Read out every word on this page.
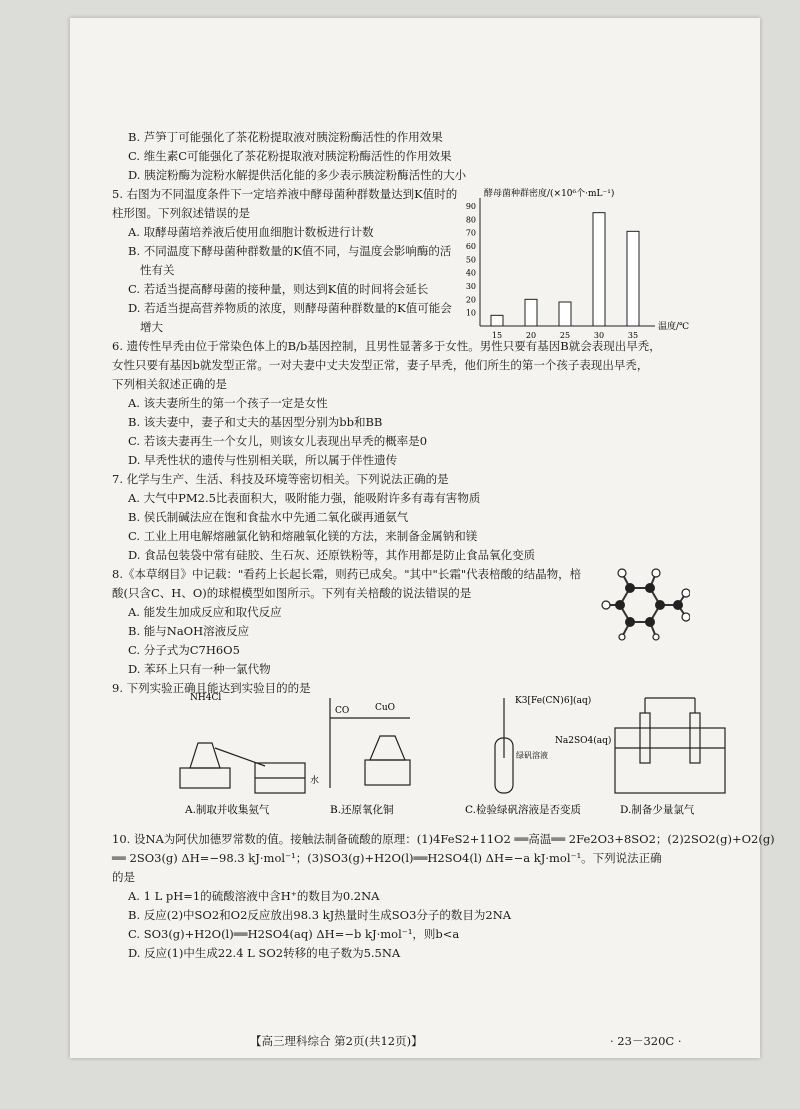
B. 芦笋丁可能强化了茶花粉提取液对胰淀粉酶活性的作用效果
C. 维生素C可能强化了茶花粉提取液对胰淀粉酶活性的作用效果
D. 胰淀粉酶为淀粉水解提供活化能的多少表示胰淀粉酶活性的大小
5. 右图为不同温度条件下一定培养液中酵母菌种群数量达到K值时的
柱形图。下列叙述错误的是
A. 取酵母菌培养液后使用血细胞计数板进行计数
B. 不同温度下酵母菌种群数量的K值不同，与温度会影响酶的活
性有关
C. 若适当提高酵母菌的接种量，则达到K值的时间将会延长
D. 若适当提高营养物质的浓度，则酵母菌种群数量的K值可能会
增大
6. 遗传性早秃由位于常染色体上的B/b基因控制，且男性显著多于女性。男性只要有基因B就会表现出早秃，
女性只要有基因b就发型正常。一对夫妻中丈夫发型正常，妻子早秃，他们所生的第一个孩子表现出早秃，
下列相关叙述正确的是
A. 该夫妻所生的第一个孩子一定是女性
B. 该夫妻中，妻子和丈夫的基因型分别为bb和BB
C. 若该夫妻再生一个女儿，则该女儿表现出早秃的概率是0
D. 早秃性状的遗传与性别相关联，所以属于伴性遗传
7. 化学与生产、生活、科技及环境等密切相关。下列说法正确的是
A. 大气中PM2.5比表面积大，吸附能力强，能吸附许多有毒有害物质
B. 侯氏制碱法应在饱和食盐水中先通二氧化碳再通氨气
C. 工业上用电解熔融氯化钠和熔融氧化镁的方法，来制备金属钠和镁
D. 食品包装袋中常有硅胶、生石灰、还原铁粉等，其作用都是防止食品氧化变质
8.《本草纲目》中记载："看药上长起长霜，则药已成矣。"其中"长霜"代表棓酸的结晶物，棓
酸(只含C、H、O)的球棍模型如图所示。下列有关棓酸的说法错误的是
A. 能发生加成反应和取代反应
B. 能与NaOH溶液反应
C. 分子式为C7H6O5
D. 苯环上只有一种一氯代物
9. 下列实验正确且能达到实验目的的是
10. 设NA为阿伏加德罗常数的值。接触法制备硫酸的原理：(1)4FeS2+11O2 ══高温══ 2Fe2O3+8SO2；(2)2SO2(g)+O2(g)
══ 2SO3(g) ΔH=−98.3 kJ·mol⁻¹；(3)SO3(g)+H2O(l)══H2SO4(l) ΔH=−a kJ·mol⁻¹。下列说法正确
的是
A. 1 L pH=1的硫酸溶液中含H⁺的数目为0.2NA
B. 反应(2)中SO2和O2反应放出98.3 kJ热量时生成SO3分子的数目为2NA
C. SO3(g)+H2O(l)══H2SO4(aq) ΔH=−b kJ·mol⁻¹，则b<a
D. 反应(1)中生成22.4 L SO2转移的电子数为5.5NA
酵母菌种群密度/(×10⁶个·mL⁻¹)
温度/℃
10
20
30
40
50
60
70
80
90
15	20	25	30	35
NH4Cl
水
CO	CuO
K3[Fe(CN)6](aq)
绿矾溶液
Na2SO4(aq)
A.制取并收集氨气	B.还原氧化铜	C.检验绿矾溶液是否变质	D.制备少量氯气
【高三理科综合 第2页(共12页)】	· 23－320C ·
